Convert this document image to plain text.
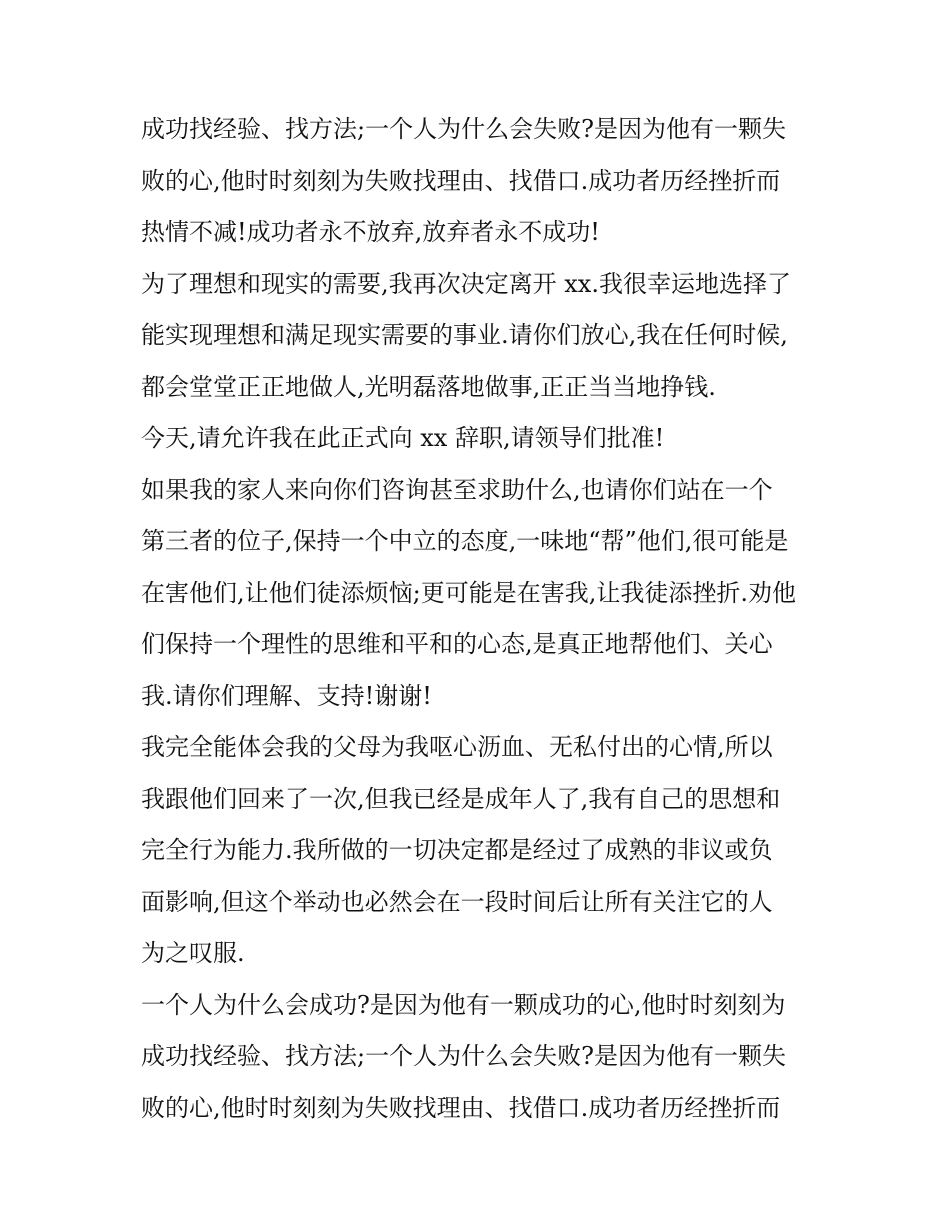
成功找经验、找方法;一个人为什么会失败?是因为他有一颗失
败的心,他时时刻刻为失败找理由、找借口.成功者历经挫折而
热情不减!成功者永不放弃,放弃者永不成功!
为了理想和现实的需要,我再次决定离开 xx.我很幸运地选择了
能实现理想和满足现实需要的事业.请你们放心,我在任何时候,
都会堂堂正正地做人,光明磊落地做事,正正当当地挣钱.
今天,请允许我在此正式向 xx 辞职,请领导们批准!
如果我的家人来向你们咨询甚至求助什么,也请你们站在一个
第三者的位子,保持一个中立的态度,一味地“帮”他们,很可能是
在害他们,让他们徒添烦恼;更可能是在害我,让我徒添挫折.劝他
们保持一个理性的思维和平和的心态,是真正地帮他们、关心
我.请你们理解、支持!谢谢!
我完全能体会我的父母为我呕心沥血、无私付出的心情,所以
我跟他们回来了一次,但我已经是成年人了,我有自己的思想和
完全行为能力.我所做的一切决定都是经过了成熟的非议或负
面影响,但这个举动也必然会在一段时间后让所有关注它的人
为之叹服.
一个人为什么会成功?是因为他有一颗成功的心,他时时刻刻为
成功找经验、找方法;一个人为什么会失败?是因为他有一颗失
败的心,他时时刻刻为失败找理由、找借口.成功者历经挫折而
